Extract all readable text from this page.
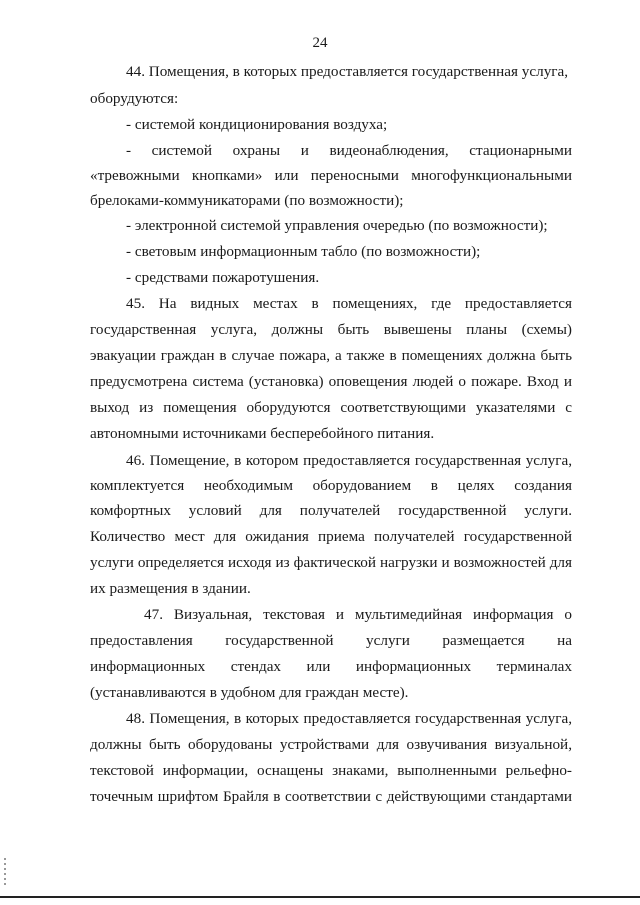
24
44. Помещения, в которых предоставляется государственная услуга,
оборудуются:
- системой кондиционирования воздуха;
- системой охраны и видеонаблюдения, стационарными
«тревожными кнопками» или переносными многофункциональными
брелоками-коммуникаторами (по возможности);
- электронной системой управления очередью (по возможности);
- световым информационным табло (по возможности);
- средствами пожаротушения.
45. На видных местах в помещениях, где предоставляется
государственная услуга, должны быть вывешены планы (схемы)
эвакуации граждан в случае пожара, а также в помещениях должна быть
предусмотрена система (установка) оповещения людей о пожаре. Вход и
выход из помещения оборудуются соответствующими указателями с
автономными источниками бесперебойного питания.
46. Помещение, в котором предоставляется государственная услуга,
комплектуется необходимым оборудованием в целях создания
комфортных условий для получателей государственной услуги.
Количество мест для ожидания приема получателей государственной
услуги определяется исходя из фактической нагрузки и возможностей для
их размещения в здании.
47. Визуальная, текстовая и мультимедийная информация о
предоставления государственной услуги размещается на
информационных стендах или информационных терминалах
(устанавливаются в удобном для граждан месте).
48. Помещения, в которых предоставляется государственная услуга,
должны быть оборудованы устройствами для озвучивания визуальной,
текстовой информации, оснащены знаками, выполненными рельефно-
точечным шрифтом Брайля в соответствии с действующими стандартами
